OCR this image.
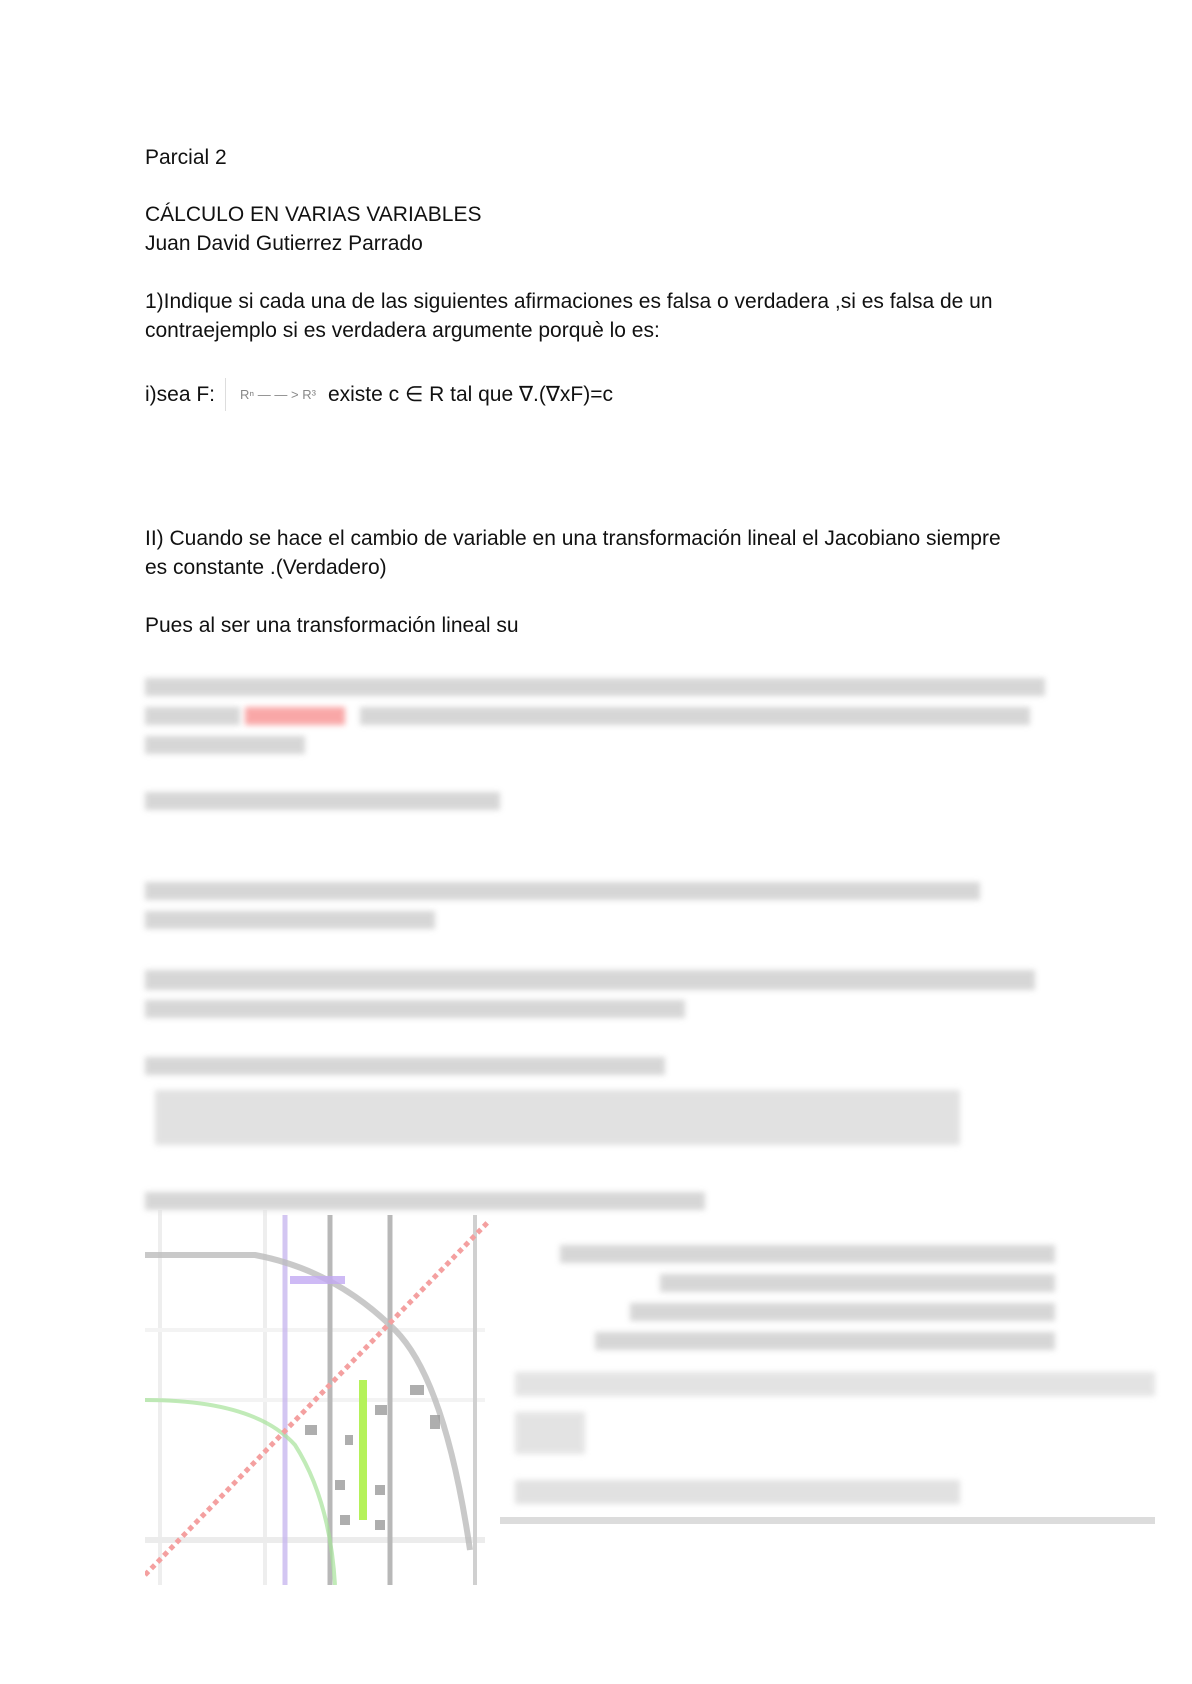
Parcial 2
CÁLCULO EN VARIAS VARIABLES
Juan David Gutierrez Parrado
1)Indique si cada una de las siguientes afirmaciones es falsa o verdadera ,si es falsa de un
contraejemplo si es verdadera argumente porquè lo es:
i)sea F:	Rⁿ — — > R³ existe c ∈ R tal que ∇.(∇xF)=c
II) Cuando se hace el cambio de variable en una transformación lineal el Jacobiano siempre
es constante .(Verdadero)
Pues al ser una transformación lineal su
